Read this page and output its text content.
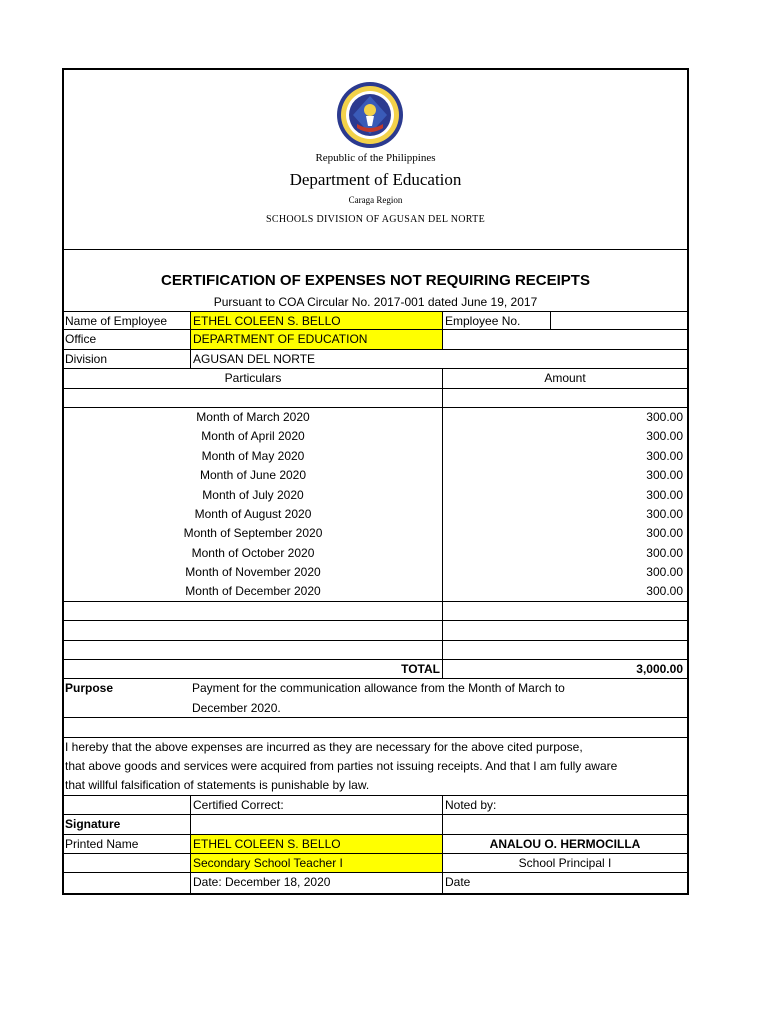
Republic of the Philippines
Department of Education
Caraga Region
SCHOOLS DIVISION OF AGUSAN DEL NORTE
CERTIFICATION OF EXPENSES NOT REQUIRING RECEIPTS
Pursuant to COA Circular No. 2017-001 dated June 19, 2017
Name of Employee	ETHEL COLEEN S. BELLO	Employee No.
Office	DEPARTMENT OF EDUCATION
Division	AGUSAN DEL NORTE
Particulars	Amount
Month of March 2020	300.00
Month of April 2020	300.00
Month of May 2020	300.00
Month of June 2020	300.00
Month of July 2020	300.00
Month of August 2020	300.00
Month of September 2020	300.00
Month of October 2020	300.00
Month of November 2020	300.00
Month of December 2020	300.00
TOTAL	3,000.00
Purpose	Payment for the communication allowance from the Month of March to
December 2020.
I hereby that the above expenses are incurred as they are necessary for the above cited purpose,
that above goods and services were acquired from parties not issuing receipts. And that I am fully aware
that willful falsification of statements is punishable by law.
Certified Correct:	Noted by:
Signature
Printed Name	ETHEL COLEEN S. BELLO	ANALOU O. HERMOCILLA
Secondary School Teacher I	School Principal I
Date: December 18, 2020	Date
